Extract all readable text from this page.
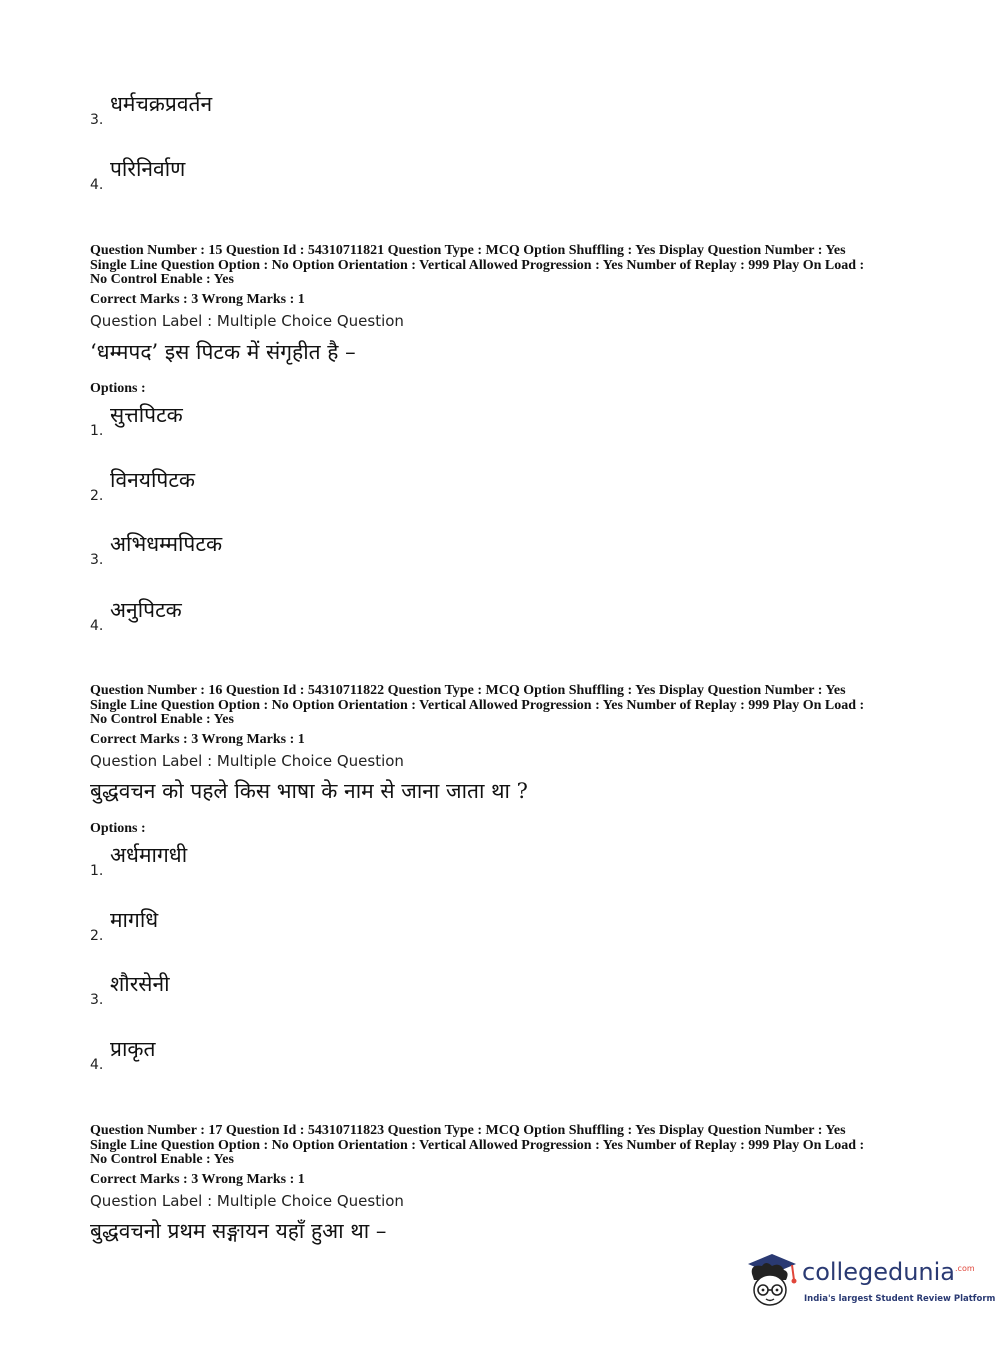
3.
धर्मचक्रप्रवर्तन
4.
परिनिर्वाण
Question Number : 15 Question Id : 54310711821 Question Type : MCQ Option Shuffling : Yes Display Question Number : Yes
Single Line Question Option : No Option Orientation : Vertical Allowed Progression : Yes Number of Replay : 999 Play On Load :
No Control Enable : Yes
Correct Marks : 3 Wrong Marks : 1
Question Label : Multiple Choice Question
‘धम्मपद’ इस पिटक में संगृहीत है –
Options :
1.
सुत्तपिटक
2.
विनयपिटक
3.
अभिधम्मपिटक
4.
अनुपिटक
Question Number : 16 Question Id : 54310711822 Question Type : MCQ Option Shuffling : Yes Display Question Number : Yes
Single Line Question Option : No Option Orientation : Vertical Allowed Progression : Yes Number of Replay : 999 Play On Load :
No Control Enable : Yes
Correct Marks : 3 Wrong Marks : 1
Question Label : Multiple Choice Question
बुद्धवचन को पहले किस भाषा के नाम से जाना जाता था ?
Options :
1.
अर्धमागधी
2.
मागधि
3.
शौरसेनी
4.
प्राकृत
Question Number : 17 Question Id : 54310711823 Question Type : MCQ Option Shuffling : Yes Display Question Number : Yes
Single Line Question Option : No Option Orientation : Vertical Allowed Progression : Yes Number of Replay : 999 Play On Load :
No Control Enable : Yes
Correct Marks : 3 Wrong Marks : 1
Question Label : Multiple Choice Question
बुद्धवचनो प्रथम सङ्गायन यहाँ हुआ था –
collegedunia$^{.com}$
India's largest Student Review Platform
